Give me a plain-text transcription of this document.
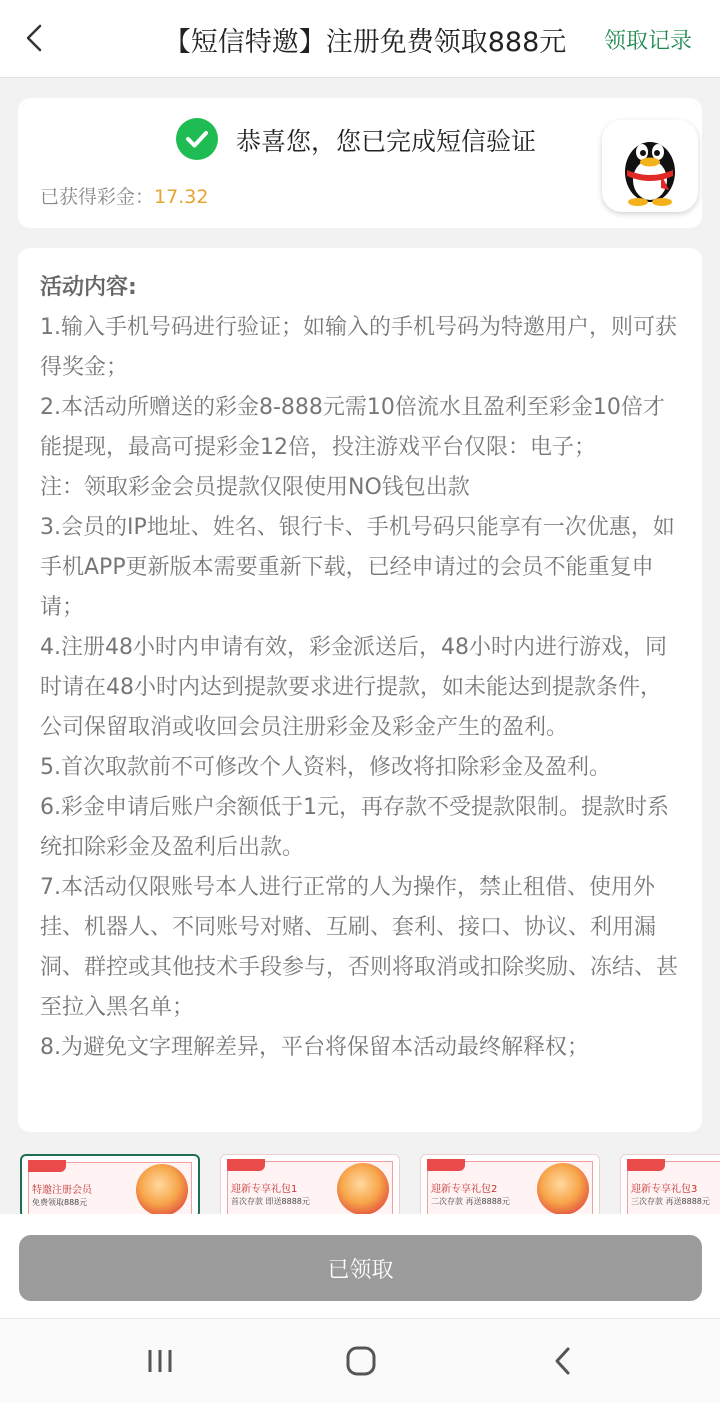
【短信特邀】注册免费领取888元	领取记录
恭喜您，您已完成短信验证
已获得彩金：17.32
活动内容:
1.输入手机号码进行验证；如输入的手机号码为特邀用户，则可获得奖金；
2.本活动所赠送的彩金8-888元需10倍流水且盈利至彩金10倍才能提现，最高可提彩金12倍，投注游戏平台仅限：电子；
注：领取彩金会员提款仅限使用NO钱包出款
3.会员的IP地址、姓名、银行卡、手机号码只能享有一次优惠，如手机APP更新版本需要重新下载，已经申请过的会员不能重复申请；
4.注册48小时内申请有效，彩金派送后，48小时内进行游戏，同时请在48小时内达到提款要求进行提款，如未能达到提款条件，公司保留取消或收回会员注册彩金及彩金产生的盈利。
5.首次取款前不可修改个人资料，修改将扣除彩金及盈利。
6.彩金申请后账户余额低于1元，再存款不受提款限制。提款时系统扣除彩金及盈利后出款。
7.本活动仅限账号本人进行正常的人为操作，禁止租借、使用外挂、机器人、不同账号对赌、互刷、套利、接口、协议、利用漏洞、群控或其他技术手段参与，否则将取消或扣除奖励、冻结、甚至拉入黑名单；
8.为避免文字理解差异，平台将保留本活动最终解释权；
特邀注册会员
免费领取888元
迎新专享礼包1
首次存款 即送8888元
迎新专享礼包2
二次存款 再送8888元
迎新专享礼包3
三次存款 再送8888元
已领取
